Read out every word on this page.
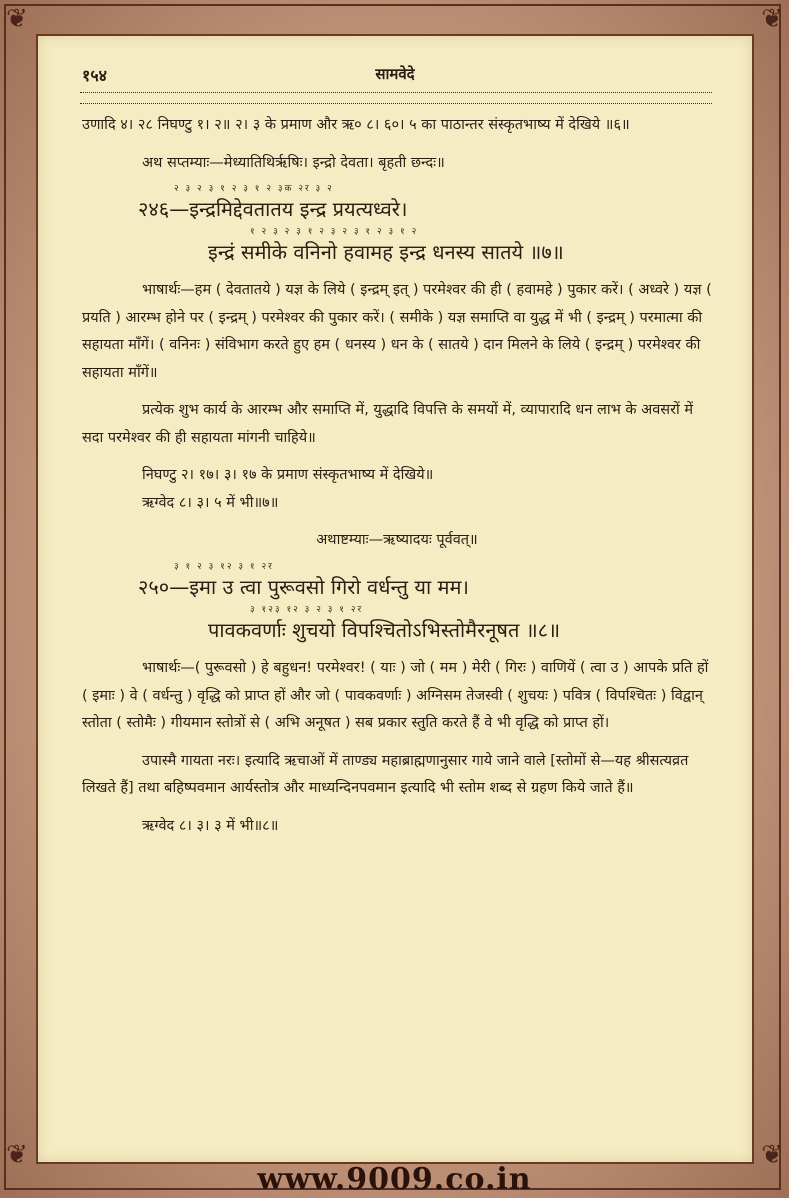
❦	❦
❦	❦
१५४	सामवेदे

उणादि ४। २८ निघण्टु १। २॥ २। ३ के प्रमाण और ऋ० ८। ६०। ५ का पाठान्तर संस्कृतभाष्य में देखिये ॥६॥

अथ सप्तम्याः—मेध्यातिथिर्ऋषिः। इन्द्रो देवता। बृहती छन्दः॥

२ ३ २ ३ १ २ ३ १ २ ३क २र ३ २

२४६—इन्द्रमिद्देवतातय इन्द्र प्रयत्यध्वरे।

१ २ ३ २ ३ १ २ ३ २ ३ १ २ ३ १ २

इन्द्रं समीके वनिनो हवामह इन्द्र धनस्य सातये ॥७॥

भाषार्थः—हम ( देवतातये ) यज्ञ के लिये ( इन्द्रम् इत् ) परमेश्वर की ही ( हवामहे ) पुकार करें। ( अध्वरे ) यज्ञ ( प्रयति ) आरम्भ होने पर ( इन्द्रम् ) परमेश्वर की पुकार करें। ( समीके ) यज्ञ समाप्ति वा युद्ध में भी ( इन्द्रम् ) परमात्मा की सहायता माँगें। ( वनिनः ) संविभाग करते हुए हम ( धनस्य ) धन के ( सातये ) दान मिलने के लिये ( इन्द्रम् ) परमेश्वर की सहायता माँगें॥

प्रत्येक शुभ कार्य के आरम्भ और समाप्ति में, युद्धादि विपत्ति के समयों में, व्यापारादि धन लाभ के अवसरों में सदा परमेश्वर की ही सहायता मांगनी चाहिये॥

निघण्टु २। १७। ३। १७ के प्रमाण संस्कृतभाष्य में देखिये॥

ऋग्वेद ८। ३। ५ में भी॥७॥

अथाष्टम्याः—ऋष्यादयः पूर्ववत्॥

३ १ २ ३ १२ ३ १ २र

२५०—इमा उ त्वा पुरूवसो गिरो वर्धन्तु या मम।

३ १२३ १२ ३ २ ३ १ २र

पावकवर्णाः शुचयो विपश्चितोऽभिस्तोमैरनूषत ॥८॥

भाषार्थः—( पुरूवसो ) हे बहुधन! परमेश्वर! ( याः ) जो ( मम ) मेरी ( गिरः ) वाणियें ( त्वा उ ) आपके प्रति हों ( इमाः ) वे ( वर्धन्तु ) वृद्धि को प्राप्त हों और जो ( पावकवर्णाः ) अग्निसम तेजस्वी ( शुचयः ) पवित्र ( विपश्चितः ) विद्वान् स्तोता ( स्तोमैः ) गीयमान स्तोत्रों से ( अभि अनूषत ) सब प्रकार स्तुति करते हैं वे भी वृद्धि को प्राप्त हों।

उपास्मै गायता नरः। इत्यादि ऋचाओं में ताण्ड्य महाब्राह्मणानुसार गाये जाने वाले [स्तोमों से—यह श्रीसत्यव्रत लिखते हैं] तथा बहिष्पवमान आर्यस्तोत्र और माध्यन्दिनपवमान इत्यादि भी स्तोम शब्द से ग्रहण किये जाते हैं॥

ऋग्वेद ८। ३। ३ में भी॥८॥

www.9009.co.in
